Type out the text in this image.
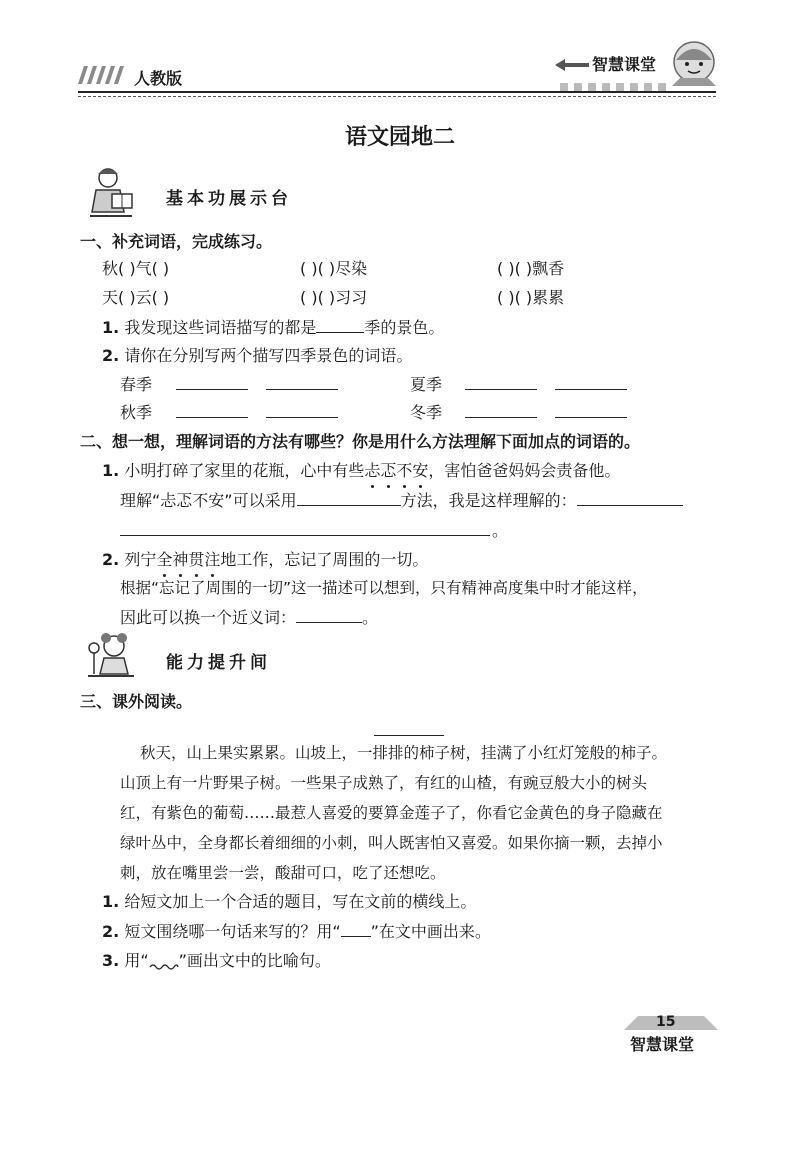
人教版
智慧课堂
语文园地二
基本功展示台
一、补充词语，完成练习。
秋( )气( )	( )( )尽染	( )( )飘香
天( )云( )	( )( )习习	( )( )累累
1. 我发现这些词语描写的都是	季的景色。
2. 请你在分别写两个描写四季景色的词语。
春季	夏季
秋季	冬季
二、想一想，理解词语的方法有哪些？你是用什么方法理解下面加点的词语的。
1. 小明打碎了家里的花瓶，心中有些忐忑不安，害怕爸爸妈妈会责备他。
理解“忐忑不安”可以采用	方法，我是这样理解的：
。
2. 列宁全神贯注地工作，忘记了周围的一切。
根据“忘记了周围的一切”这一描述可以想到，只有精神高度集中时才能这样，
因此可以换一个近义词：	。
能力提升间
三、课外阅读。
秋天，山上果实累累。山坡上，一排排的柿子树，挂满了小红灯笼般的柿子。
山顶上有一片野果子树。一些果子成熟了，有红的山楂，有豌豆般大小的树头
红，有紫色的葡萄……最惹人喜爱的要算金莲子了，你看它金黄色的身子隐藏在
绿叶丛中，全身都长着细细的小刺，叫人既害怕又喜爱。如果你摘一颗，去掉小
刺，放在嘴里尝一尝，酸甜可口，吃了还想吃。
1. 给短文加上一个合适的题目，写在文前的横线上。
2. 短文围绕哪一句话来写的？用“ ”在文中画出来。
3. 用“ ”画出文中的比喻句。
15
智慧课堂
